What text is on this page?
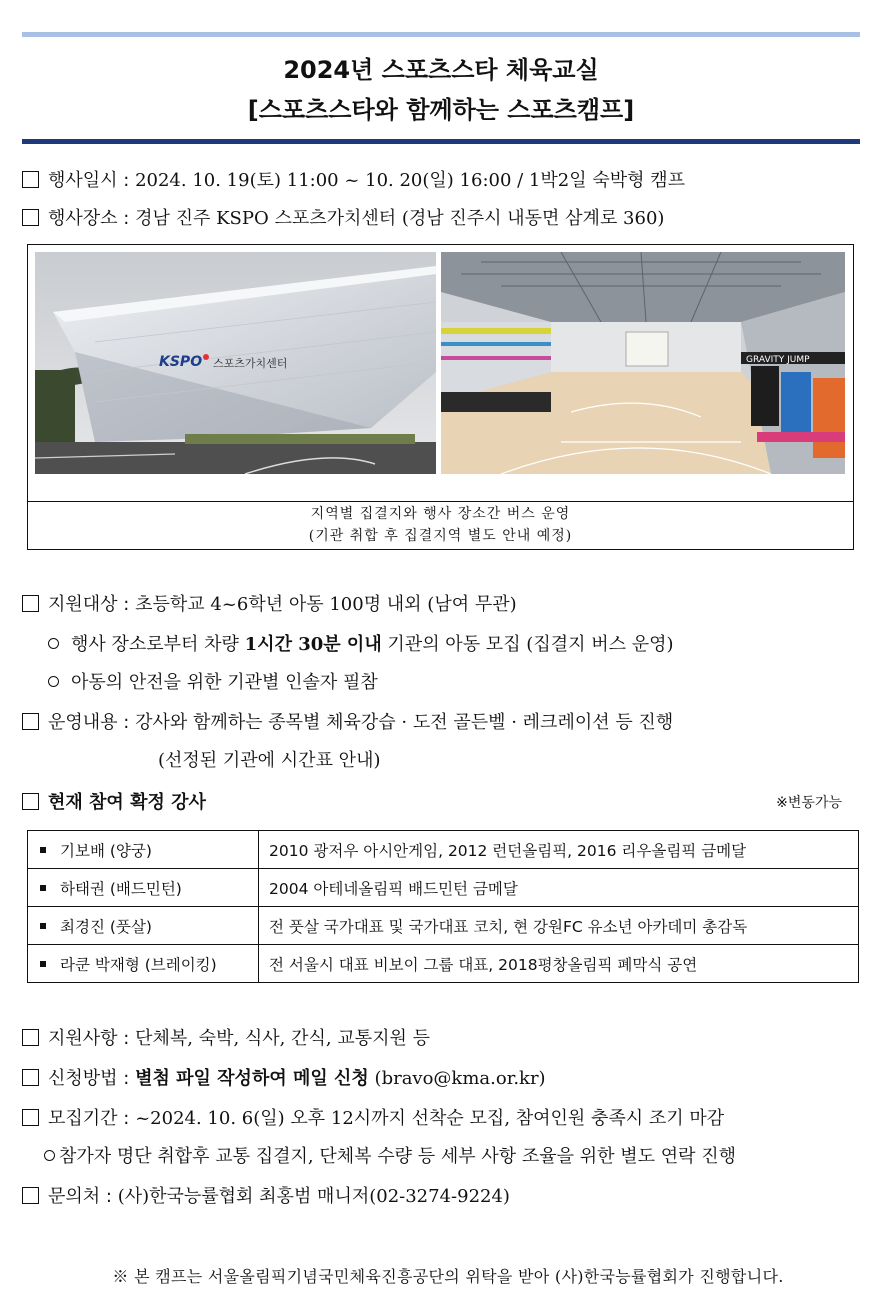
2024년 스포츠스타 체육교실
[스포츠스타와 함께하는 스포츠캠프]
행사일시 : 2024. 10. 19(토) 11:00 ~ 10. 20(일) 16:00 / 1박2일 숙박형 캠프
행사장소 : 경남 진주 KSPO 스포츠가치센터 (경남 진주시 내동면 삼계로 360)
KSPO 스포츠가치센터	GRAVITY JUMP
지역별 집결지와 행사 장소간 버스 운영
(기관 취합 후 집결지역 별도 안내 예정)
지원대상 : 초등학교 4~6학년 아동 100명 내외 (남여 무관)
행사 장소로부터 차량 1시간 30분 이내 기관의 아동 모집 (집결지 버스 운영)
아동의 안전을 위한 기관별 인솔자 필참
운영내용 : 강사와 함께하는 종목별 체육강습 · 도전 골든벨 · 레크레이션 등 진행
(선정된 기관에 시간표 안내)
현재 참여 확정 강사	※변동가능
기보배 (양궁)	2010 광저우 아시안게임, 2012 런던올림픽, 2016 리우올림픽 금메달
하태권 (배드민턴)	2004 아테네올림픽 배드민턴 금메달
최경진 (풋살)	전 풋살 국가대표 및 국가대표 코치, 현 강원FC 유소년 아카데미 총감독
라쿤 박재형 (브레이킹)	전 서울시 대표 비보이 그룹 대표, 2018평창올림픽 폐막식 공연
지원사항 : 단체복, 숙박, 식사, 간식, 교통지원 등
신청방법 : 별첨 파일 작성하여 메일 신청 (bravo@kma.or.kr)
모집기간 : ~2024. 10. 6(일) 오후 12시까지 선착순 모집, 참여인원 충족시 조기 마감
참가자 명단 취합후 교통 집결지, 단체복 수량 등 세부 사항 조율을 위한 별도 연락 진행
문의처 : (사)한국능률협회 최홍범 매니저(02-3274-9224)
※ 본 캠프는 서울올림픽기념국민체육진흥공단의 위탁을 받아 (사)한국능률협회가 진행합니다.
